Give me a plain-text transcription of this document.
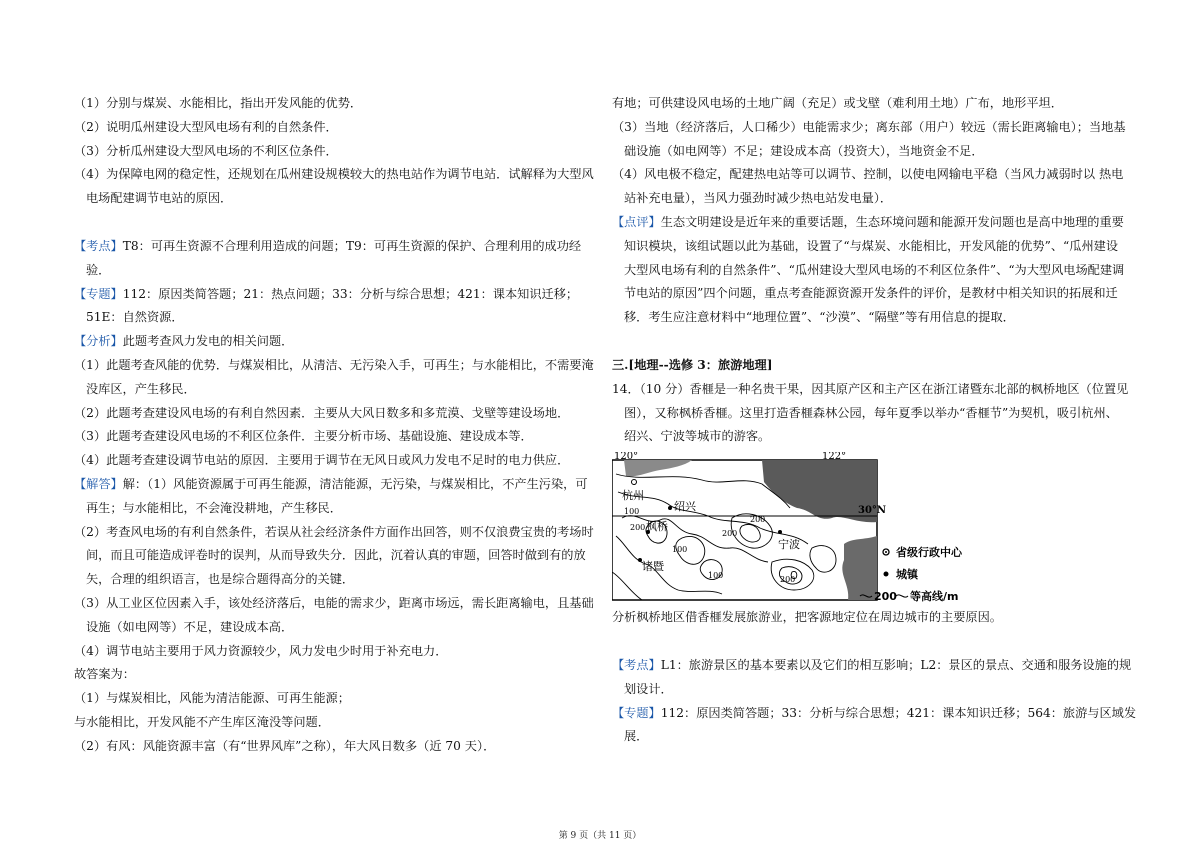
（1）分别与煤炭、水能相比，指出开发风能的优势．

（2）说明瓜州建设大型风电场有利的自然条件．

（3）分析瓜州建设大型风电场的不利区位条件．

（4）为保障电网的稳定性，还规划在瓜州建设规模较大的热电站作为调节电站．试解释为大型风

电场配建调节电站的原因．

【考点】T8：可再生资源不合理利用造成的问题；T9：可再生资源的保护、合理利用的成功经

验．

【专题】112：原因类简答题；21：热点问题；33：分析与综合思想；421：课本知识迁移；

51E：自然资源．

【分析】此题考查风力发电的相关问题．

（1）此题考查风能的优势．与煤炭相比，从清洁、无污染入手，可再生；与水能相比，不需要淹

没库区，产生移民．

（2）此题考查建设风电场的有利自然因素．主要从大风日数多和多荒漠、戈壁等建设场地．

（3）此题考查建设风电场的不利区位条件．主要分析市场、基础设施、建设成本等．

（4）此题考查建设调节电站的原因．主要用于调节在无风日或风力发电不足时的电力供应．

【解答】解：（1）风能资源属于可再生能源，清洁能源，无污染，与煤炭相比，不产生污染，可

再生；与水能相比，不会淹没耕地，产生移民．

（2）考查风电场的有利自然条件，若误从社会经济条件方面作出回答，则不仅浪费宝贵的考场时

间，而且可能造成评卷时的误判，从而导致失分．因此，沉着认真的审题，回答时做到有的放

矢，合理的组织语言，也是综合题得高分的关键．

（3）从工业区位因素入手，该处经济落后，电能的需求少，距离市场远，需长距离输电，且基础

设施（如电网等）不足，建设成本高．

（4）调节电站主要用于风力资源较少，风力发电少时用于补充电力．

故答案为：

（1）与煤炭相比，风能为清洁能源、可再生能源；

与水能相比，开发风能不产生库区淹没等问题．

（2）有风：风能资源丰富（有“世界风库”之称），年大风日数多（近 70 天）．

有地；可供建设风电场的土地广阔（充足）或戈壁（难利用土地）广布，地形平坦．

（3）当地（经济落后，人口稀少）电能需求少；离东部（用户）较远（需长距离输电）；当地基

础设施（如电网等）不足；建设成本高（投资大），当地资金不足．

（4）风电极不稳定，配建热电站等可以调节、控制，以使电网输电平稳（当风力减弱时以 热电

站补充电量），当风力强劲时减少热电站发电量）．

【点评】生态文明建设是近年来的重要话题，生态环境问题和能源开发问题也是高中地理的重要

知识模块，该组试题以此为基础，设置了“与煤炭、水能相比，开发风能的优势”、“瓜州建设

大型风电场有利的自然条件”、“瓜州建设大型风电场的不利区位条件”、“为大型风电场配建调

节电站的原因”四个问题，重点考查能源资源开发条件的评价，是教材中相关知识的拓展和迁

移．考生应注意材料中“地理位置”、“沙漠”、“隔壁”等有用信息的提取．

三.[地理--选修 3：旅游地理]

14．（10 分）香榧是一种名贵干果，因其原产区和主产区在浙江诸暨东北部的枫桥地区（位置见

图），又称枫桥香榧。这里打造香榧森林公园，每年夏季以举办“香榧节”为契机，吸引杭州、

绍兴、宁波等城市的游客。

120°	122°
30°N
杭州
绍兴
枫桥
宁波
诸暨
100
200
100
100
200
200
200
省级行政中心
城镇
200 等高线/m

分析枫桥地区借香榧发展旅游业，把客源地定位在周边城市的主要原因。

【考点】L1：旅游景区的基本要素以及它们的相互影响；L2：景区的景点、交通和服务设施的规

划设计．

【专题】112：原因类简答题；33：分析与综合思想；421：课本知识迁移；564：旅游与区域发

展．

第 9 页（共 11 页）
